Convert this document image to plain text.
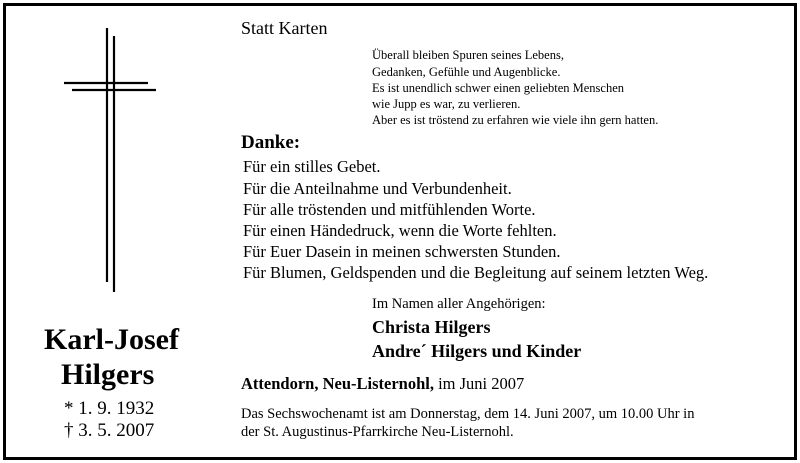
Statt Karten
Überall bleiben Spuren seines Lebens,
Gedanken, Gefühle und Augenblicke.
Es ist unendlich schwer einen geliebten Menschen
wie Jupp es war, zu verlieren.
Aber es ist tröstend zu erfahren wie viele ihn gern hatten.
Danke:
Für ein stilles Gebet.
Für die Anteilnahme und Verbundenheit.
Für alle tröstenden und mitfühlenden Worte.
Für einen Händedruck, wenn die Worte fehlten.
Für Euer Dasein in meinen schwersten Stunden.
Für Blumen, Geldspenden und die Begleitung auf seinem letzten Weg.
Im Namen aller Angehörigen:
Christa Hilgers
Andre´ Hilgers und Kinder
Attendorn, Neu-Listernohl, im Juni 2007
Das Sechswochenamt ist am Donnerstag, dem 14. Juni 2007, um 10.00 Uhr in
der St. Augustinus-Pfarrkirche Neu-Listernohl.
Karl-Josef
Hilgers
* 1. 9. 1932
† 3. 5. 2007
